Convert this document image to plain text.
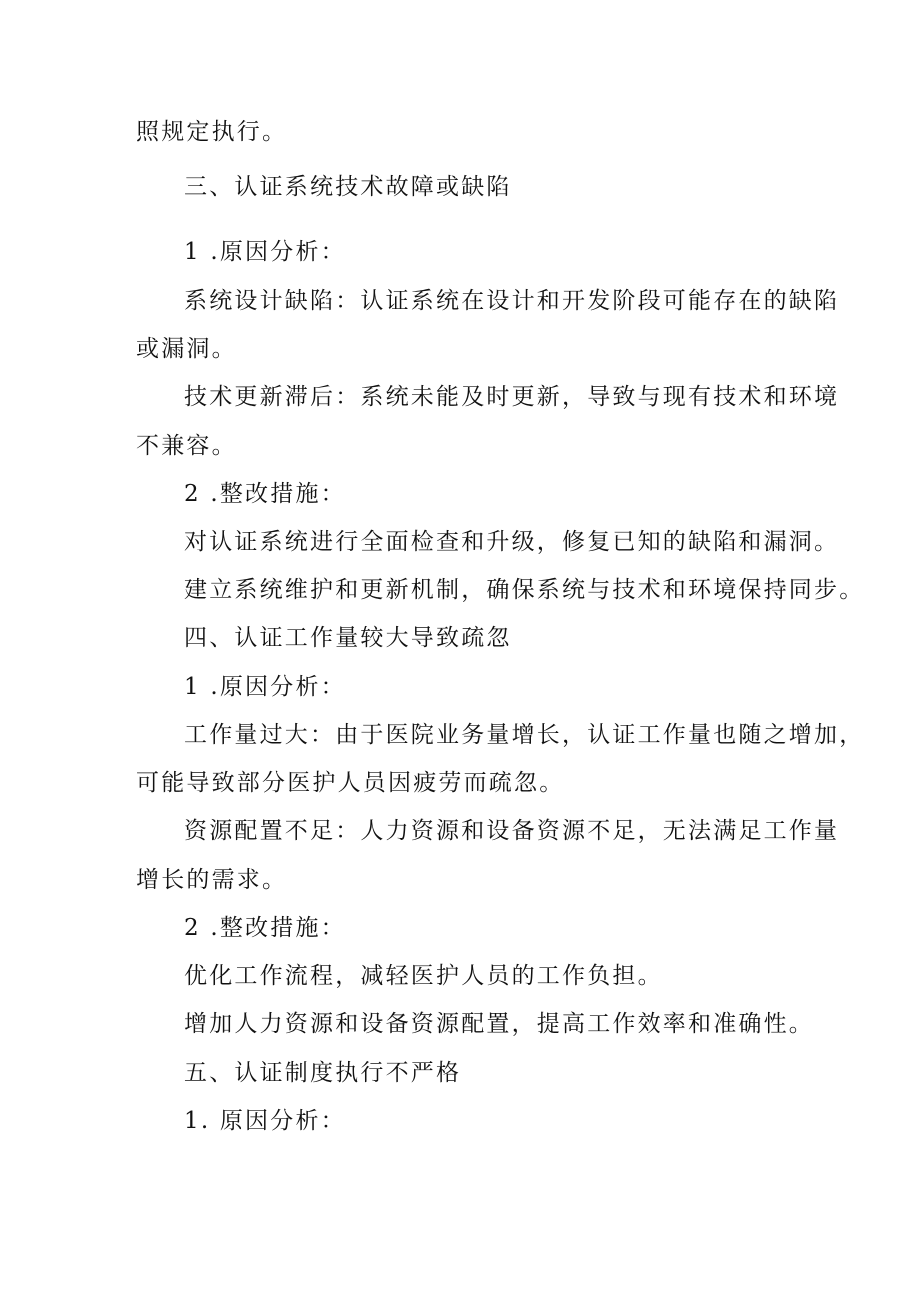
照规定执行。
三、认证系统技术故障或缺陷
1 .原因分析：
系统设计缺陷：认证系统在设计和开发阶段可能存在的缺陷
或漏洞。
技术更新滞后：系统未能及时更新，导致与现有技术和环境
不兼容。
2 .整改措施：
对认证系统进行全面检查和升级，修复已知的缺陷和漏洞。
建立系统维护和更新机制，确保系统与技术和环境保持同步。
四、认证工作量较大导致疏忽
1 .原因分析：
工作量过大：由于医院业务量增长，认证工作量也随之增加，
可能导致部分医护人员因疲劳而疏忽。
资源配置不足：人力资源和设备资源不足，无法满足工作量
增长的需求。
2 .整改措施：
优化工作流程，减轻医护人员的工作负担。
增加人力资源和设备资源配置，提高工作效率和准确性。
五、认证制度执行不严格
1. 原因分析：
